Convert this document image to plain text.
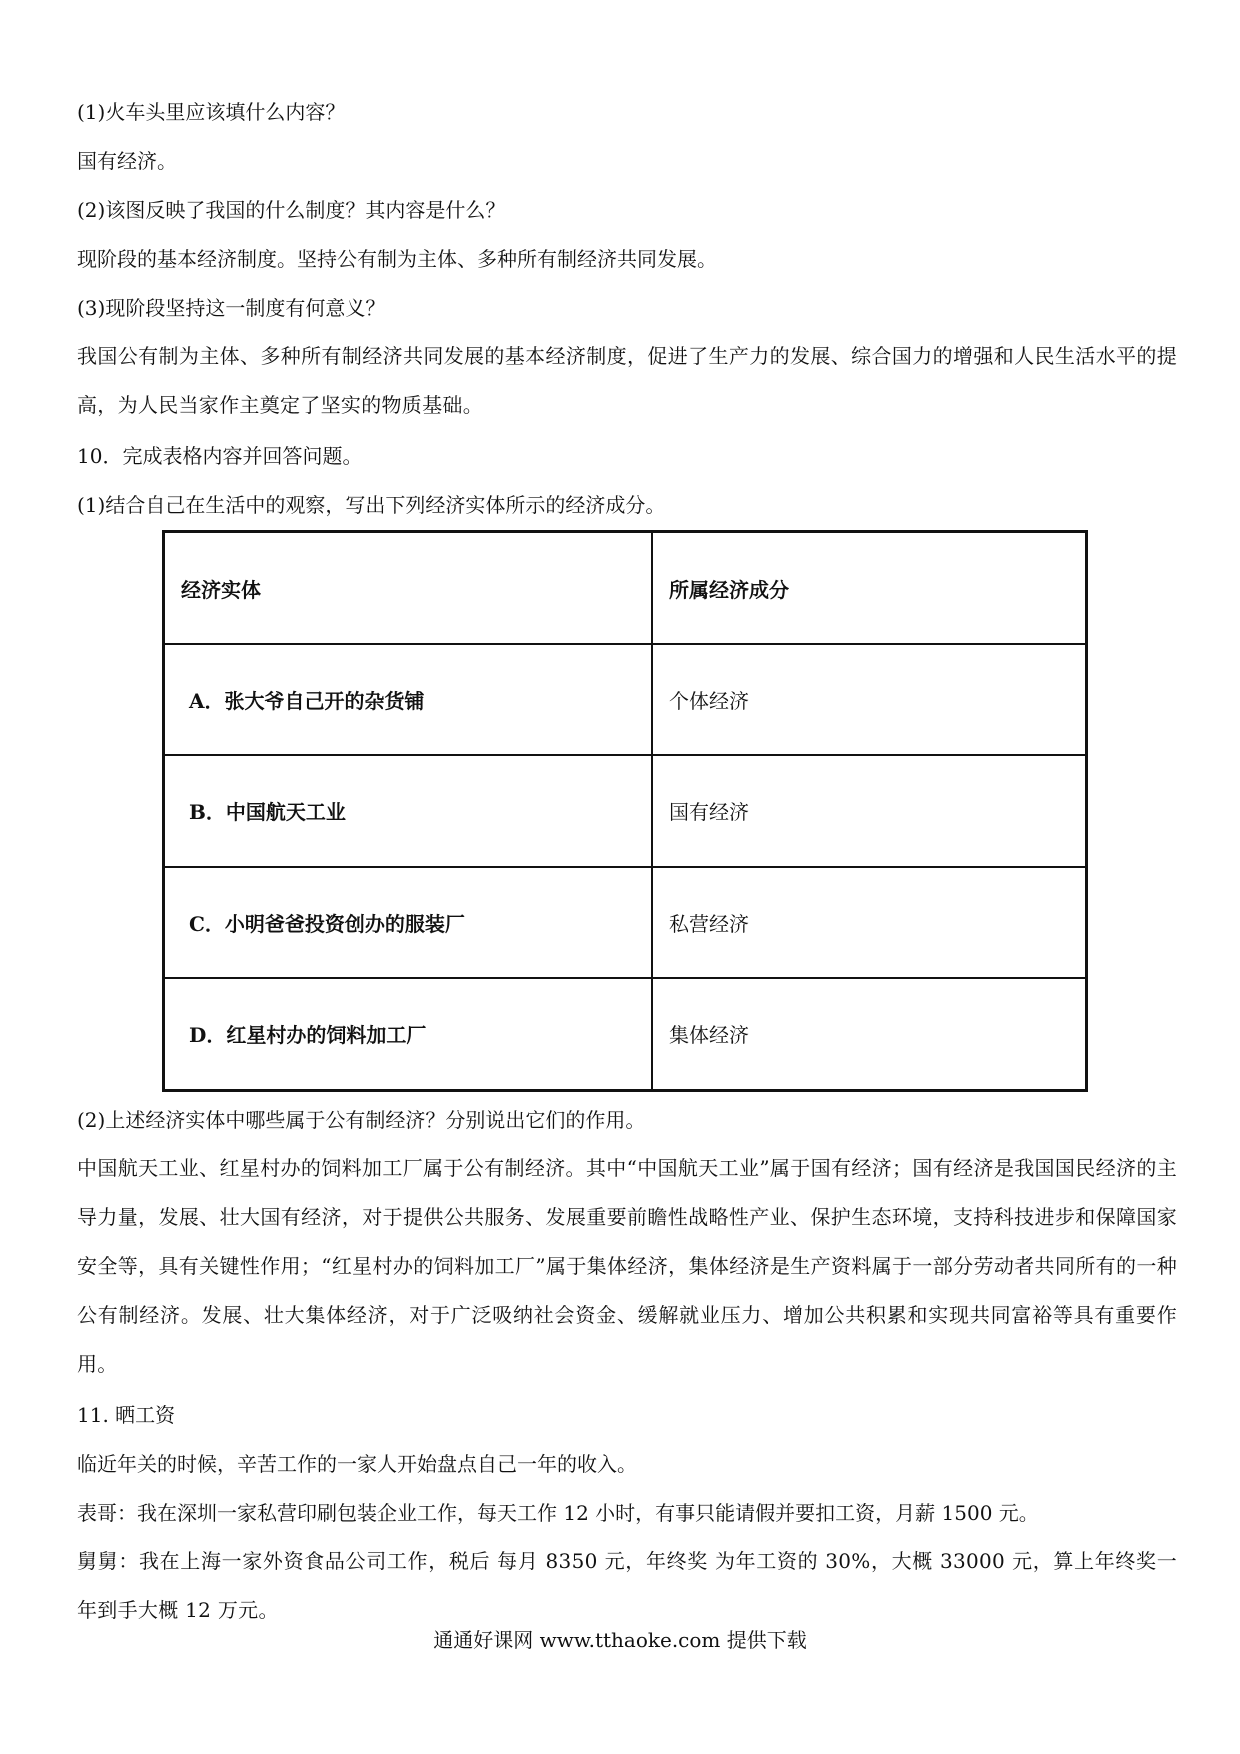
(1)火车头里应该填什么内容？
国有经济。
(2)该图反映了我国的什么制度？其内容是什么？
现阶段的基本经济制度。坚持公有制为主体、多种所有制经济共同发展。
(3)现阶段坚持这一制度有何意义？
我国公有制为主体、多种所有制经济共同发展的基本经济制度，促进了生产力的发展、综合国力的增强和人民生活水平的提高，为人民当家作主奠定了坚实的物质基础。
10．完成表格内容并回答问题。
(1)结合自己在生活中的观察，写出下列经济实体所示的经济成分。
经济实体	所属经济成分
A．张大爷自己开的杂货铺	个体经济
B．中国航天工业	国有经济
C．小明爸爸投资创办的服装厂	私营经济
D．红星村办的饲料加工厂	集体经济
(2)上述经济实体中哪些属于公有制经济？分别说出它们的作用。
中国航天工业、红星村办的饲料加工厂属于公有制经济。其中“中国航天工业”属于国有经济；国有经济是我国国民经济的主导力量，发展、壮大国有经济，对于提供公共服务、发展重要前瞻性战略性产业、保护生态环境，支持科技进步和保障国家安全等，具有关键性作用；“红星村办的饲料加工厂”属于集体经济，集体经济是生产资料属于一部分劳动者共同所有的一种公有制经济。发展、壮大集体经济，对于广泛吸纳社会资金、缓解就业压力、增加公共积累和实现共同富裕等具有重要作用。
11. 晒工资
临近年关的时候，辛苦工作的一家人开始盘点自己一年的收入。
表哥：我在深圳一家私营印刷包装企业工作，每天工作 12 小时，有事只能请假并要扣工资，月薪 1500 元。
舅舅：我在上海一家外资食品公司工作，税后 每月 8350 元，年终奖 为年工资的 30%，大概 33000 元，算上年终奖一年到手大概 12 万元。
通通好课网 www.tthaoke.com 提供下载
